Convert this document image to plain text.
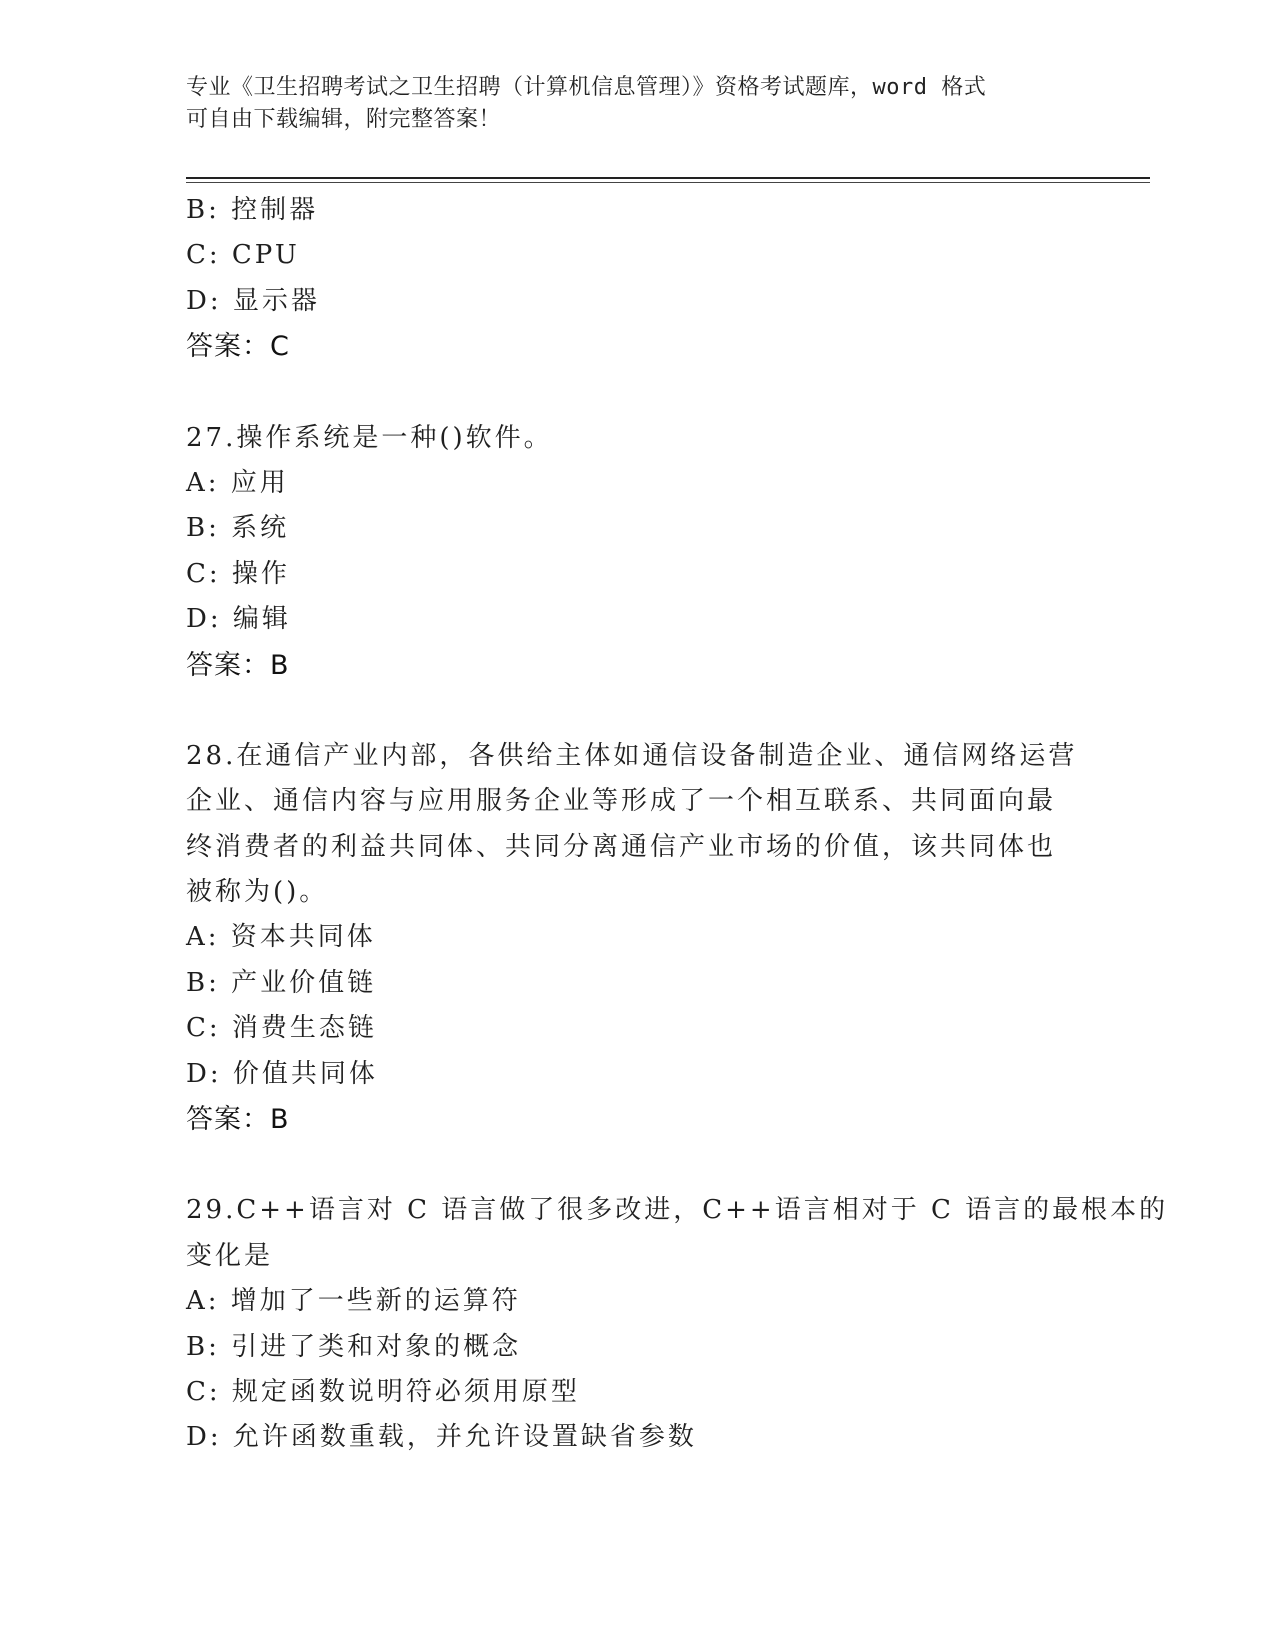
专业《卫生招聘考试之卫生招聘（计算机信息管理）》资格考试题库，word 格式
可自由下载编辑，附完整答案！
B: 控制器
C: CPU
D: 显示器
答案：C
27.操作系统是一种()软件。
A: 应用
B: 系统
C: 操作
D: 编辑
答案：B
28.在通信产业内部，各供给主体如通信设备制造企业、通信网络运营
企业、通信内容与应用服务企业等形成了一个相互联系、共同面向最
终消费者的利益共同体、共同分离通信产业市场的价值，该共同体也
被称为()。
A: 资本共同体
B: 产业价值链
C: 消费生态链
D: 价值共同体
答案：B
29.C++语言对 C 语言做了很多改进，C++语言相对于 C 语言的最根本的
变化是
A: 增加了一些新的运算符
B: 引进了类和对象的概念
C: 规定函数说明符必须用原型
D: 允许函数重载，并允许设置缺省参数
